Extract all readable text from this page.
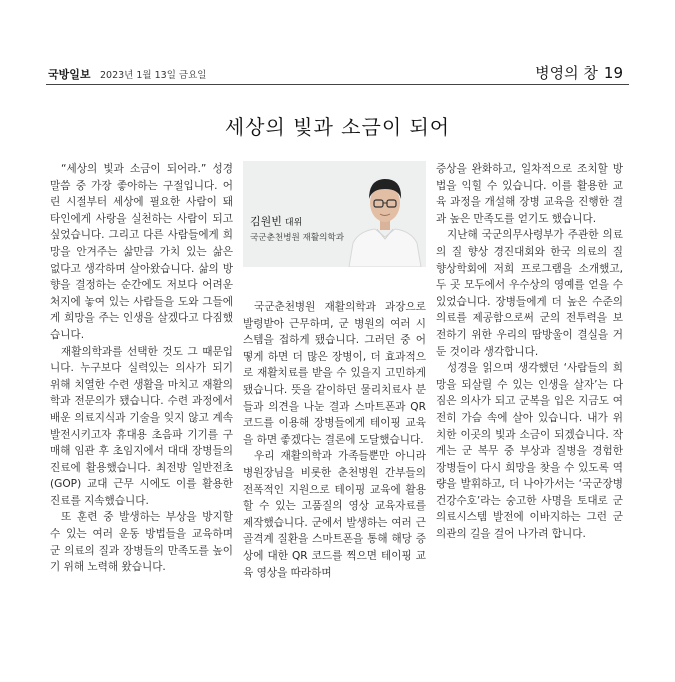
국방일보 2023년 1월 13일 금요일	병영의 창 19
세상의 빛과 소금이 되어

“세상의 빛과 소금이 되어라.” 성경 말씀 중 가장 좋아하는 구절입니다. 어린 시절부터 세상에 필요한 사람이 돼 타인에게 사랑을 실천하는 사람이 되고 싶었습니다. 그리고 다른 사람들에게 희망을 안겨주는 삶만큼 가치 있는 삶은 없다고 생각하며 살아왔습니다. 삶의 방향을 결정하는 순간에도 저보다 어려운 처지에 놓여 있는 사람들을 도와 그들에게 희망을 주는 인생을 살겠다고 다짐했습니다.

재활의학과를 선택한 것도 그 때문입니다. 누구보다 실력있는 의사가 되기 위해 치열한 수련 생활을 마치고 재활의학과 전문의가 됐습니다. 수련 과정에서 배운 의료지식과 기술을 잊지 않고 계속 발전시키고자 휴대용 초음파 기기를 구매해 임관 후 초임지에서 대대 장병들의 진료에 활용했습니다. 최전방 일반전초(GOP) 교대 근무 시에도 이를 활용한 진료를 지속했습니다.

또 훈련 중 발생하는 부상을 방지할 수 있는 여러 운동 방법들을 교육하며 군 의료의 질과 장병들의 만족도를 높이기 위해 노력해 왔습니다.

김원빈 대위
국군춘천병원 재활의학과

국군춘천병원 재활의학과 과장으로 발령받아 근무하며, 군 병원의 여러 시스템을 접하게 됐습니다. 그러던 중 어떻게 하면 더 많은 장병이, 더 효과적으로 재활치료를 받을 수 있을지 고민하게 됐습니다. 뜻을 같이하던 물리치료사 분들과 의견을 나눈 결과 스마트폰과 QR 코드를 이용해 장병들에게 테이핑 교육을 하면 좋겠다는 결론에 도달했습니다.

우리 재활의학과 가족들뿐만 아니라 병원장님을 비롯한 춘천병원 간부들의 전폭적인 지원으로 테이핑 교육에 활용할 수 있는 고품질의 영상 교육자료를 제작했습니다. 군에서 발생하는 여러 근골격계 질환을 스마트폰을 통해 해당 증상에 대한 QR 코드를 찍으면 테이핑 교육 영상을 따라하며

증상을 완화하고, 일차적으로 조치할 방법을 익힐 수 있습니다. 이를 활용한 교육 과정을 개설해 장병 교육을 진행한 결과 높은 만족도를 얻기도 했습니다.

지난해 국군의무사령부가 주관한 의료의 질 향상 경진대회와 한국 의료의 질 향상학회에 저희 프로그램을 소개했고, 두 곳 모두에서 우수상의 영예를 얻을 수 있었습니다. 장병들에게 더 높은 수준의 의료를 제공함으로써 군의 전투력을 보전하기 위한 우리의 땀방울이 결실을 거둔 것이라 생각합니다.

성경을 읽으며 생각했던 ‘사람들의 희망을 되살릴 수 있는 인생을 살자’는 다짐은 의사가 되고 군복을 입은 지금도 여전히 가슴 속에 살아 있습니다. 내가 위치한 이곳의 빛과 소금이 되겠습니다. 작게는 군 복무 중 부상과 질병을 경험한 장병들이 다시 희망을 찾을 수 있도록 역량을 발휘하고, 더 나아가서는 ‘국군장병 건강수호’라는 숭고한 사명을 토대로 군 의료시스템 발전에 이바지하는 그런 군의관의 길을 걸어 나가려 합니다.
